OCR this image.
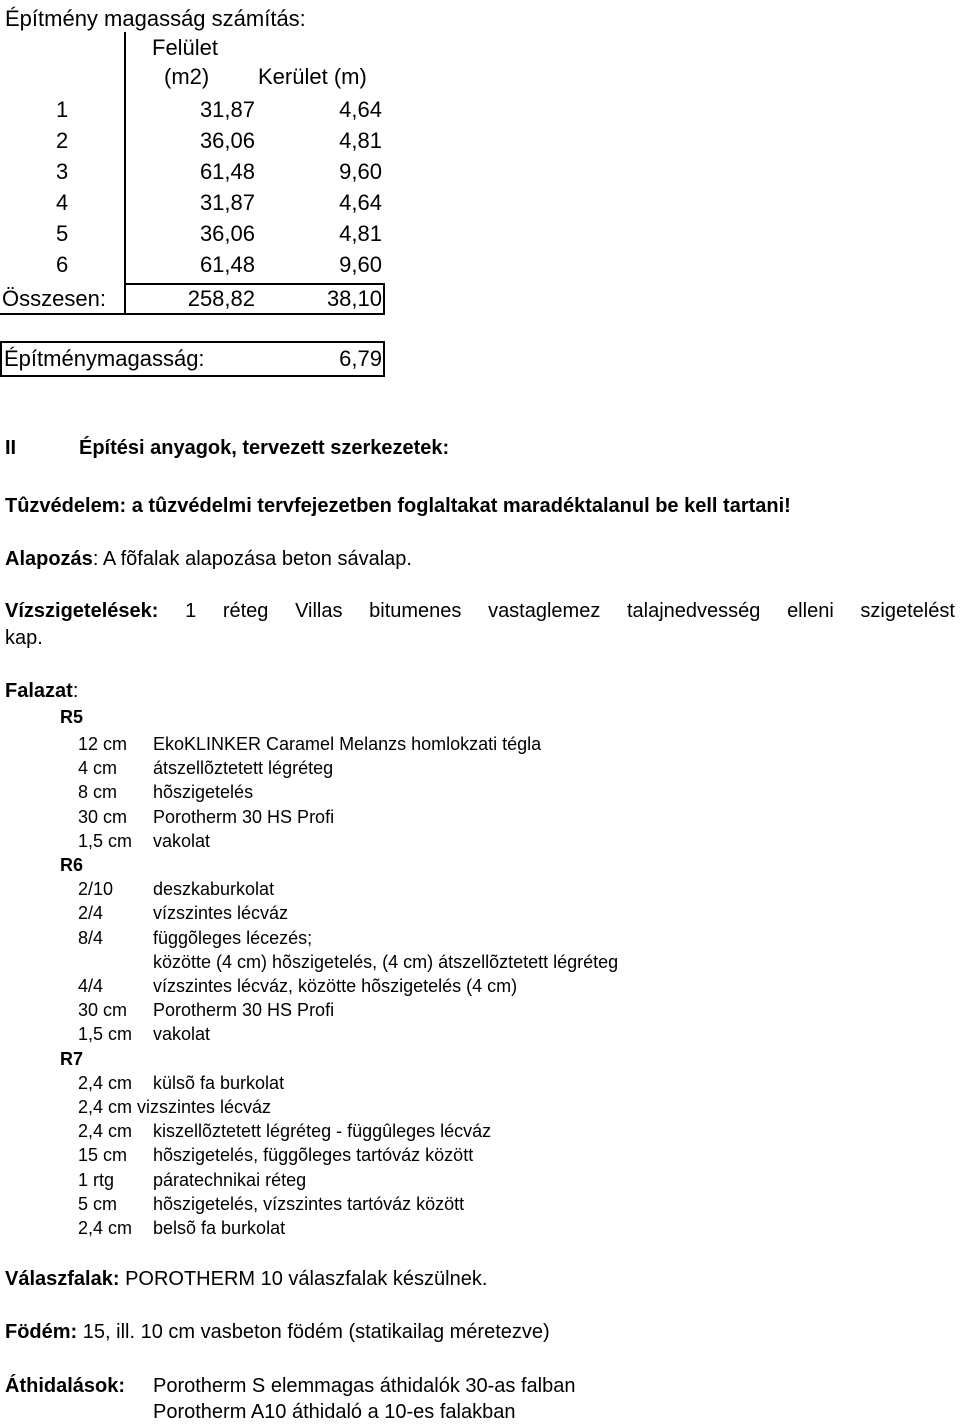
Építmény magasság számítás:
Felület
(m2) Kerület (m)
1	31,87	4,64
2	36,06	4,81
3	61,48	9,60
4	31,87	4,64
5	36,06	4,81
6	61,48	9,60
Összesen:	258,82	38,10
Építménymagasság:	6,79
II	Építési anyagok, tervezett szerkezetek:
Tûzvédelem: a tûzvédelmi tervfejezetben foglaltakat maradéktalanul be kell tartani!
Alapozás: A fõfalak alapozása beton sávalap.
Vízszigetelések: 1 réteg Villas bitumenes vastaglemez talajnedvesség elleni szigetelést
kap.
Falazat:
R5
12 cm EkoKLINKER Caramel Melanzs homlokzati tégla
4 cm átszellõztetett légréteg
8 cm hõszigetelés
30 cm Porotherm 30 HS Profi
1,5 cm vakolat
R6
2/10 deszkaburkolat
2/4	vízszintes lécváz
8/4	függõleges lécezés;
közötte (4 cm) hõszigetelés, (4 cm) átszellõztetett légréteg
4/4	vízszintes lécváz, közötte hõszigetelés (4 cm)
30 cm Porotherm 30 HS Profi
1,5 cm vakolat
R7
2,4 cm külsõ fa burkolat
2,4 cm vizszintes lécváz
2,4 cm kiszellõztetett légréteg - függûleges lécváz
15 cm hõszigetelés, függõleges tartóváz között
1 rtg páratechnikai réteg
5 cm hõszigetelés, vízszintes tartóváz között
2,4 cm belsõ fa burkolat
Válaszfalak: POROTHERM 10 válaszfalak készülnek.
Födém: 15, ill. 10 cm vasbeton födém (statikailag méretezve)
Áthidalások: Porotherm S elemmagas áthidalók 30-as falban
Porotherm A10 áthidaló a 10-es falakban
